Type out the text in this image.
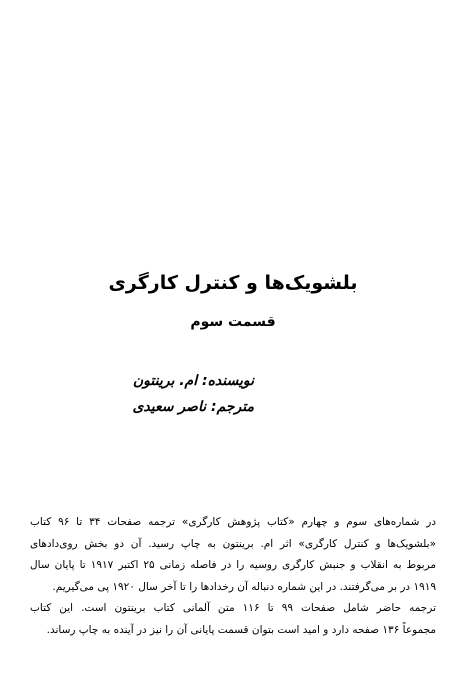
بلشویک‌ها و کنترل کارگری
قسمت سوم

نویسنده: ام. برینتون

مترجم: ناصر سعیدی

در شماره‌های سوم و چهارم «کتاب پژوهش کارگری» ترجمه صفحات ۳۴ تا ۹۶ کتاب
«بلشویک‌ها و کنترل کارگری» اثر ام. برینتون به چاپ رسید. آن دو بخش روی‌دادهای
مربوط به انقلاب و جنبش کارگری روسیه را در فاصله زمانی ۲۵ اکتبر ۱۹۱۷ تا پایان سال
۱۹۱۹ در بر می‌گرفتند. در این شماره دنباله آن رخدادها را تا آخر سال ۱۹۲۰ پی می‌گیریم.
ترجمه حاضر شامل صفحات ۹۹ تا ۱۱۶ متن آلمانی کتاب برینتون است. این کتاب
مجموعاً ۱۳۶ صفحه دارد و امید است بتوان قسمت پایانی آن را نیز در آینده به چاپ رساند.
